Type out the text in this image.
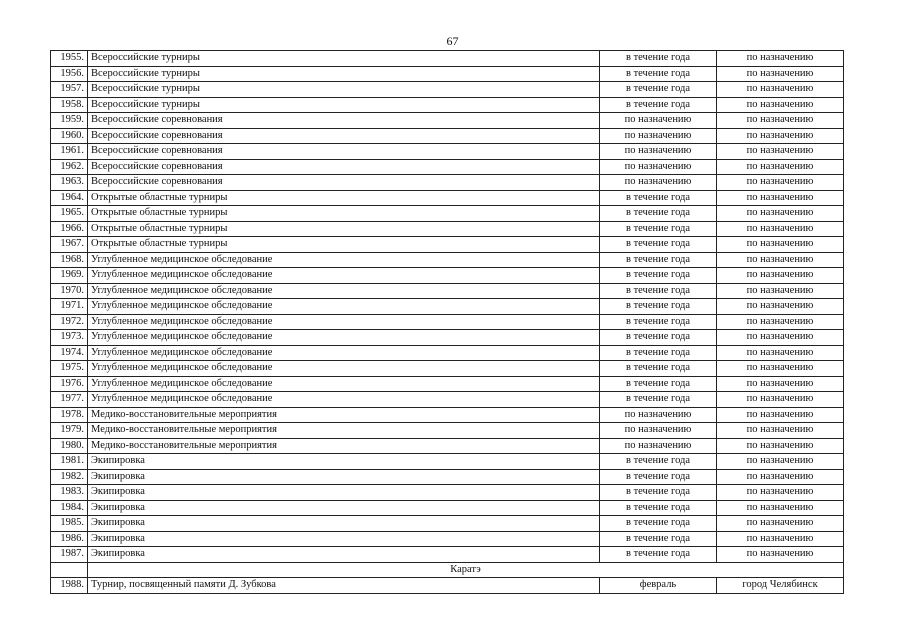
67
1955.	Всероссийские турниры	в течение года	по назначению
1956.	Всероссийские турниры	в течение года	по назначению
1957.	Всероссийские турниры	в течение года	по назначению
1958.	Всероссийские турниры	в течение года	по назначению
1959.	Всероссийские соревнования	по назначению	по назначению
1960.	Всероссийские соревнования	по назначению	по назначению
1961.	Всероссийские соревнования	по назначению	по назначению
1962.	Всероссийские соревнования	по назначению	по назначению
1963.	Всероссийские соревнования	по назначению	по назначению
1964.	Открытые областные турниры	в течение года	по назначению
1965.	Открытые областные турниры	в течение года	по назначению
1966.	Открытые областные турниры	в течение года	по назначению
1967.	Открытые областные турниры	в течение года	по назначению
1968.	Углубленное медицинское обследование	в течение года	по назначению
1969.	Углубленное медицинское обследование	в течение года	по назначению
1970.	Углубленное медицинское обследование	в течение года	по назначению
1971.	Углубленное медицинское обследование	в течение года	по назначению
1972.	Углубленное медицинское обследование	в течение года	по назначению
1973.	Углубленное медицинское обследование	в течение года	по назначению
1974.	Углубленное медицинское обследование	в течение года	по назначению
1975.	Углубленное медицинское обследование	в течение года	по назначению
1976.	Углубленное медицинское обследование	в течение года	по назначению
1977.	Углубленное медицинское обследование	в течение года	по назначению
1978.	Медико-восстановительные мероприятия	по назначению	по назначению
1979.	Медико-восстановительные мероприятия	по назначению	по назначению
1980.	Медико-восстановительные мероприятия	по назначению	по назначению
1981.	Экипировка	в течение года	по назначению
1982.	Экипировка	в течение года	по назначению
1983.	Экипировка	в течение года	по назначению
1984.	Экипировка	в течение года	по назначению
1985.	Экипировка	в течение года	по назначению
1986.	Экипировка	в течение года	по назначению
1987.	Экипировка	в течение года	по назначению
	Каратэ		
1988.	Турнир, посвященный памяти Д. Зубкова	февраль	город Челябинск
